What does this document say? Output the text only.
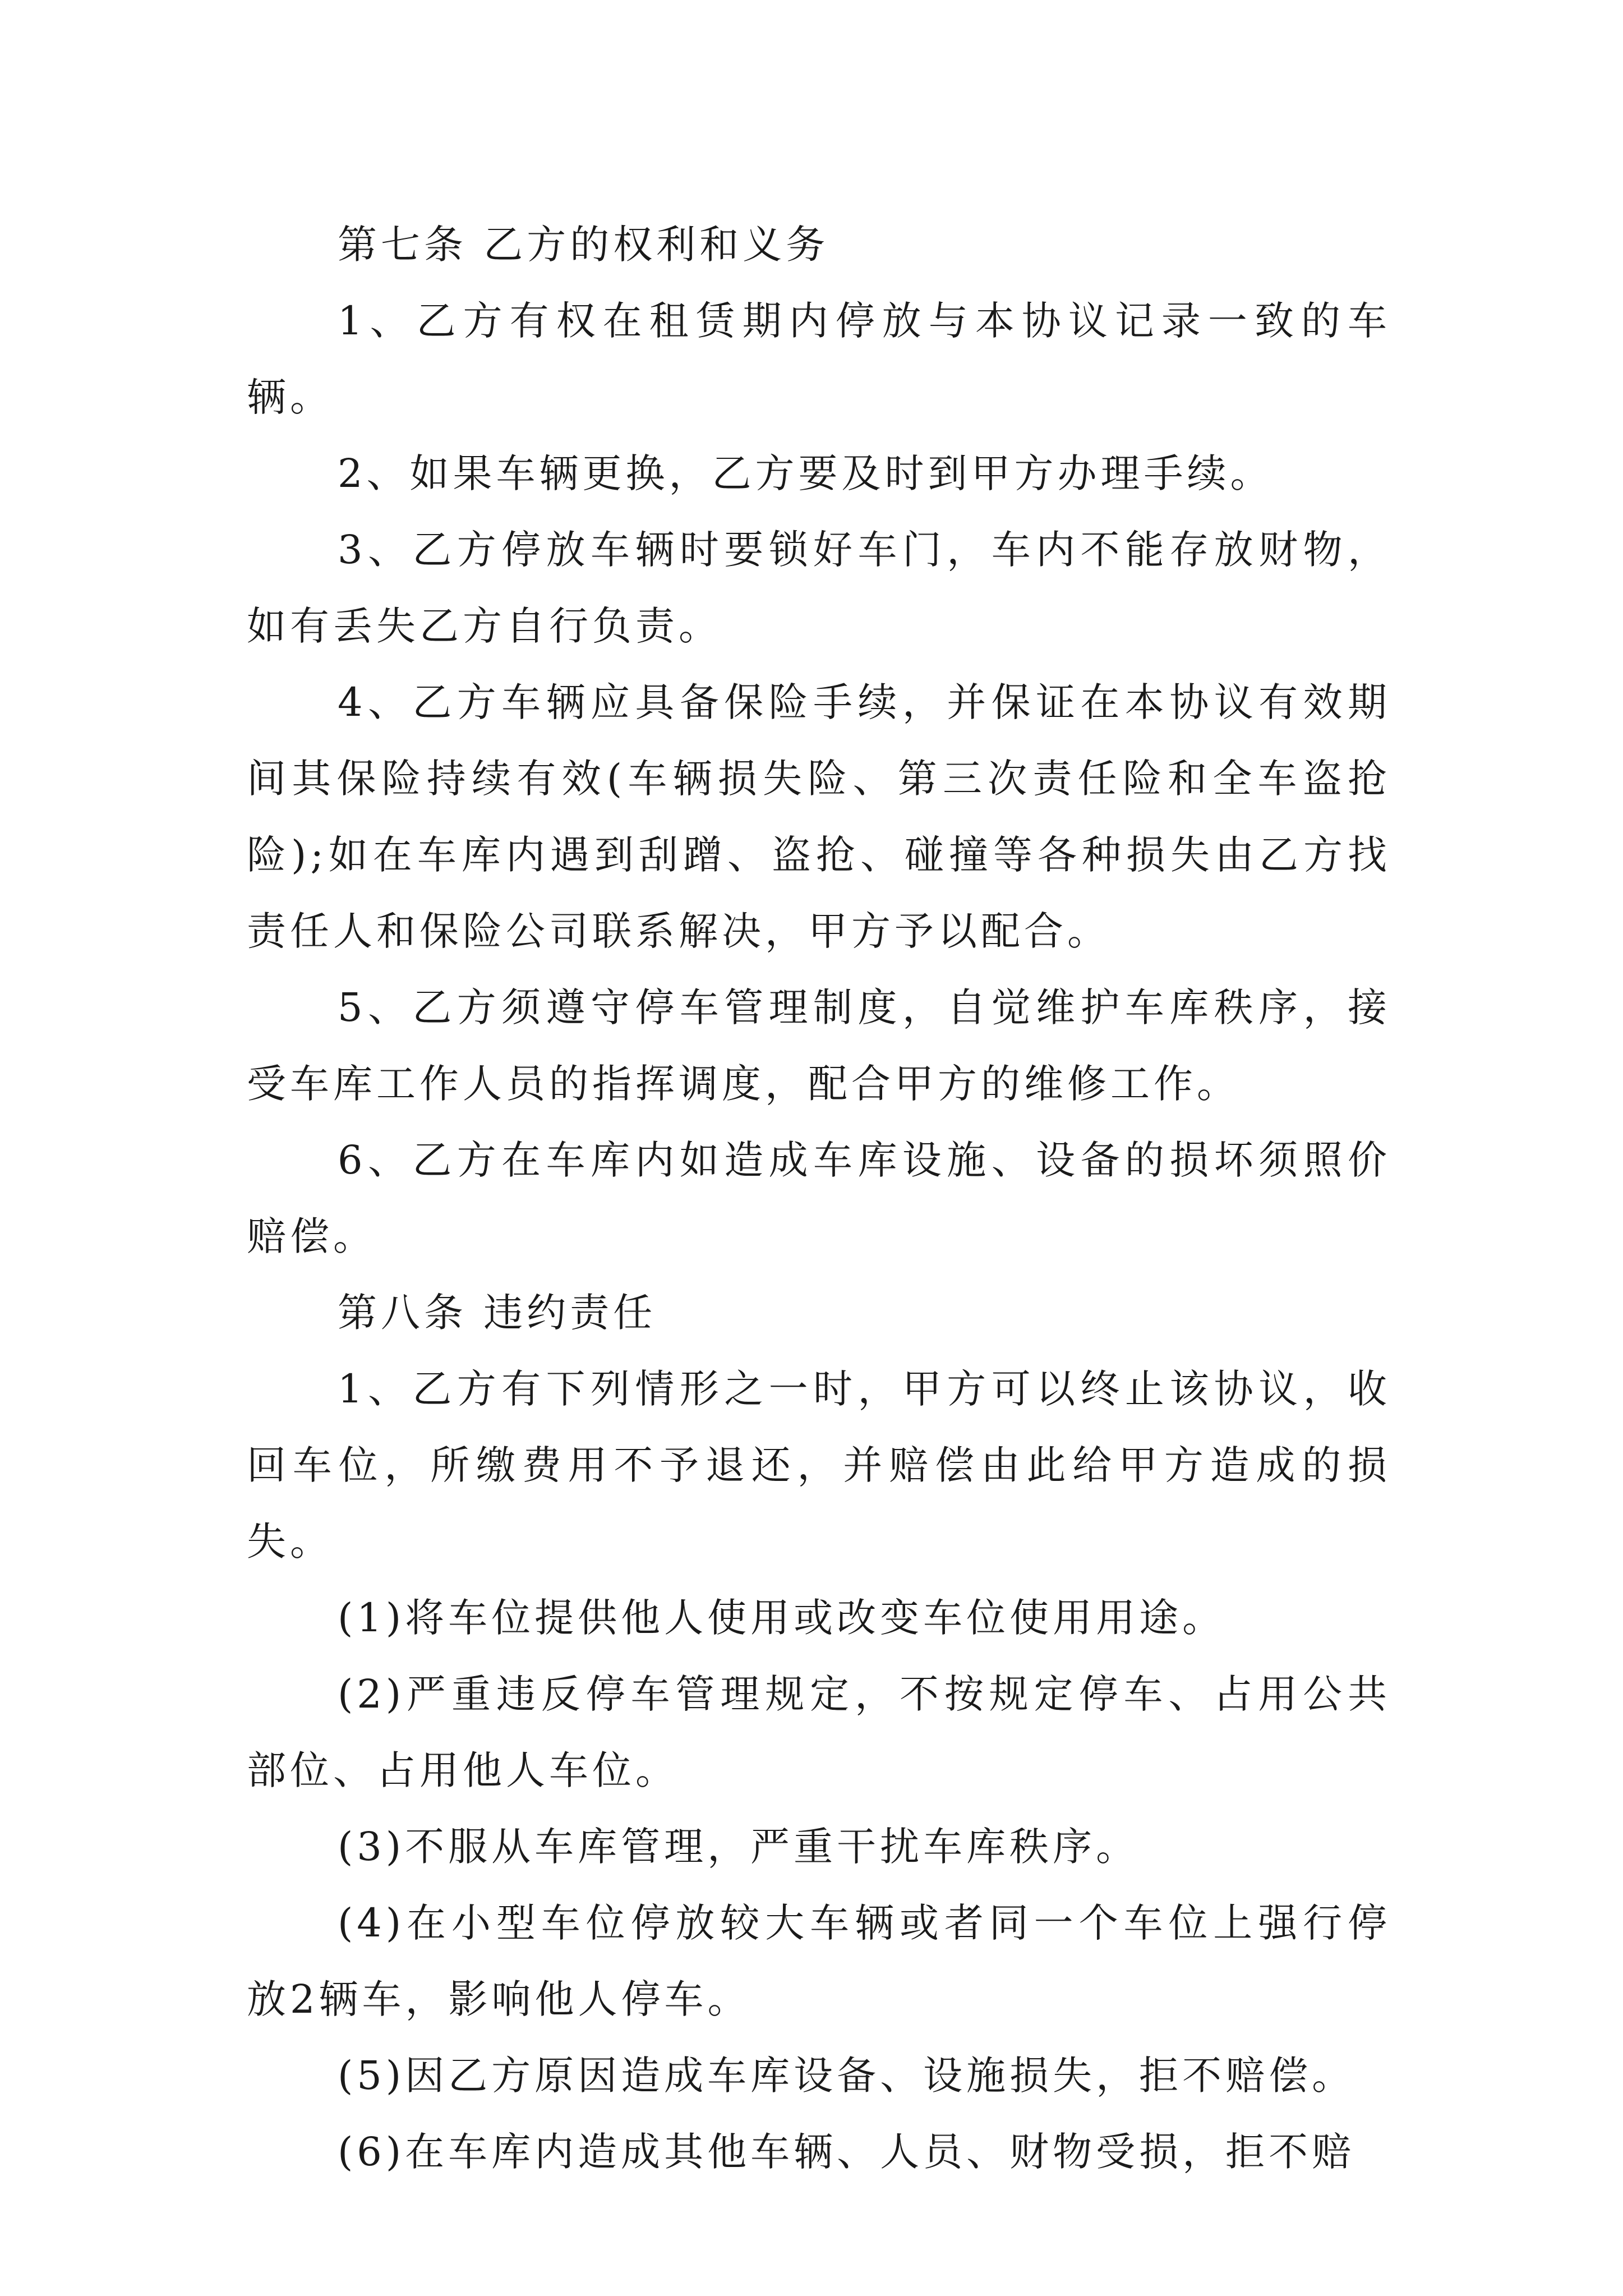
第七条 乙方的权利和义务

1、乙方有权在租赁期内停放与本协议记录一致的车辆。

2、如果车辆更换，乙方要及时到甲方办理手续。

3、乙方停放车辆时要锁好车门，车内不能存放财物，如有丢失乙方自行负责。

4、乙方车辆应具备保险手续，并保证在本协议有效期间其保险持续有效(车辆损失险、第三次责任险和全车盗抢险);如在车库内遇到刮蹭、盗抢、碰撞等各种损失由乙方找责任人和保险公司联系解决，甲方予以配合。

5、乙方须遵守停车管理制度，自觉维护车库秩序，接受车库工作人员的指挥调度，配合甲方的维修工作。

6、乙方在车库内如造成车库设施、设备的损坏须照价赔偿。

第八条 违约责任

1、乙方有下列情形之一时，甲方可以终止该协议，收回车位，所缴费用不予退还，并赔偿由此给甲方造成的损失。

(1)将车位提供他人使用或改变车位使用用途。

(2)严重违反停车管理规定，不按规定停车、占用公共部位、占用他人车位。

(3)不服从车库管理，严重干扰车库秩序。

(4)在小型车位停放较大车辆或者同一个车位上强行停放2辆车，影响他人停车。

(5)因乙方原因造成车库设备、设施损失，拒不赔偿。

(6)在车库内造成其他车辆、人员、财物受损，拒不赔
